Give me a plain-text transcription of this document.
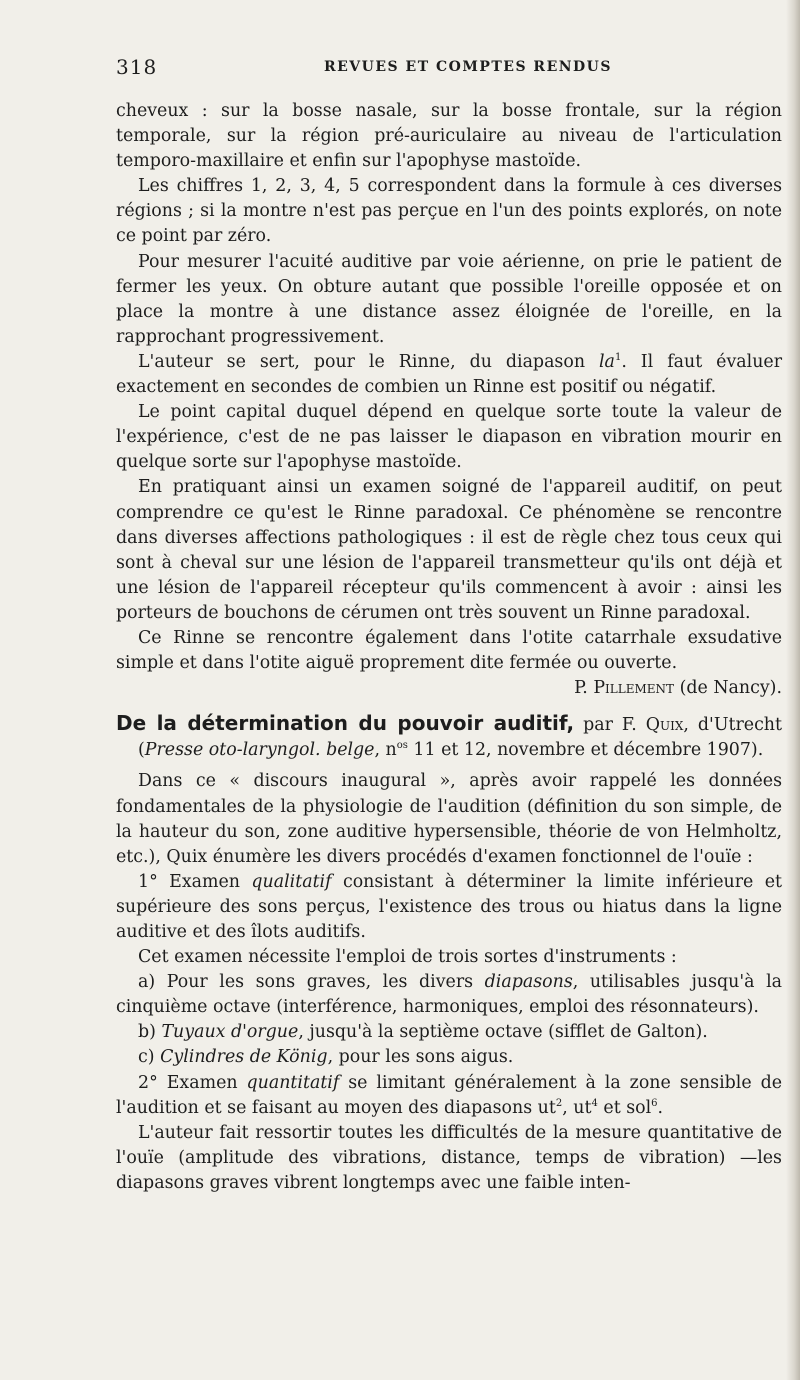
318	REVUES ET COMPTES RENDUS

cheveux : sur la bosse nasale, sur la bosse frontale, sur la région temporale, sur la région pré-auriculaire au niveau de l'articulation temporo-maxillaire et enfin sur l'apophyse mastoïde.

Les chiffres 1, 2, 3, 4, 5 correspondent dans la formule à ces diverses régions ; si la montre n'est pas perçue en l'un des points explorés, on note ce point par zéro.

Pour mesurer l'acuité auditive par voie aérienne, on prie le patient de fermer les yeux. On obture autant que possible l'oreille opposée et on place la montre à une distance assez éloignée de l'oreille, en la rapprochant progressivement.

L'auteur se sert, pour le Rinne, du diapason $la^1$. Il faut évaluer exactement en secondes de combien un Rinne est positif ou négatif.

Le point capital duquel dépend en quelque sorte toute la valeur de l'expérience, c'est de ne pas laisser le diapason en vibration mourir en quelque sorte sur l'apophyse mastoïde.

En pratiquant ainsi un examen soigné de l'appareil auditif, on peut comprendre ce qu'est le Rinne paradoxal. Ce phénomène se rencontre dans diverses affections pathologiques : il est de règle chez tous ceux qui sont à cheval sur une lésion de l'appareil transmetteur qu'ils ont déjà et une lésion de l'appareil récepteur qu'ils commencent à avoir : ainsi les porteurs de bouchons de cérumen ont très souvent un Rinne paradoxal.

Ce Rinne se rencontre également dans l'otite catarrhale exsudative simple et dans l'otite aiguë proprement dite fermée ou ouverte.

P. Pillement (de Nancy).

De la détermination du pouvoir auditif, par F. Quix, d'Utrecht (Presse oto-laryngol. belge, $n^{os}$ 11 et 12, novembre et décembre 1907).

Dans ce « discours inaugural », après avoir rappelé les données fondamentales de la physiologie de l'audition (définition du son simple, de la hauteur du son, zone auditive hypersensible, théorie de von Helmholtz, etc.), Quix énumère les divers procédés d'examen fonctionnel de l'ouïe :

1° Examen qualitatif consistant à déterminer la limite inférieure et supérieure des sons perçus, l'existence des trous ou hiatus dans la ligne auditive et des îlots auditifs.

Cet examen nécessite l'emploi de trois sortes d'instruments :

a) Pour les sons graves, les divers diapasons, utilisables jusqu'à la cinquième octave (interférence, harmoniques, emploi des résonnateurs).

b) Tuyaux d'orgue, jusqu'à la septième octave (sifflet de Galton).

c) Cylindres de König, pour les sons aigus.

2° Examen quantitatif se limitant généralement à la zone sensible de l'audition et se faisant au moyen des diapasons $ut^2$, $ut^4$ et sol$^6$.

L'auteur fait ressortir toutes les difficultés de la mesure quantitative de l'ouïe (amplitude des vibrations, distance, temps de vibration) —les diapasons graves vibrent longtemps avec une faible inten-
